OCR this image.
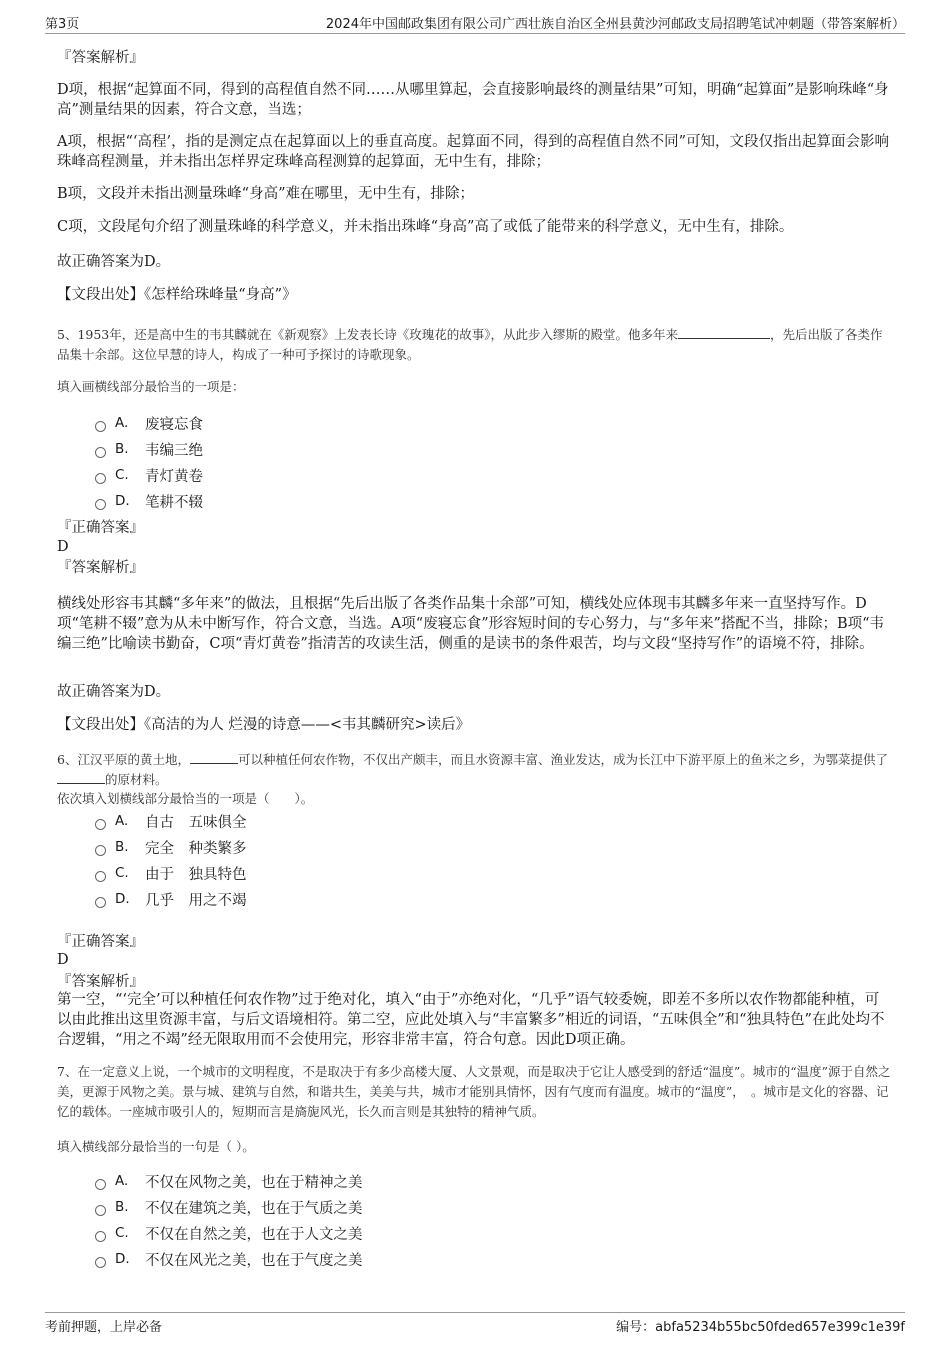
第3页	2024年中国邮政集团有限公司广西壮族自治区全州县黄沙河邮政支局招聘笔试冲刺题（带答案解析）
『答案解析』
D项，根据“起算面不同，得到的高程值自然不同……从哪里算起，会直接影响最终的测量结果”可知，明确“起算面”是影响珠峰“身高”测量结果的因素，符合文意，当选；
A项，根据“‘高程’，指的是测定点在起算面以上的垂直高度。起算面不同，得到的高程值自然不同”可知，文段仅指出起算面会影响珠峰高程测量，并未指出怎样界定珠峰高程测算的起算面，无中生有，排除；
B项，文段并未指出测量珠峰“身高”难在哪里，无中生有，排除；
C项，文段尾句介绍了测量珠峰的科学意义，并未指出珠峰“身高”高了或低了能带来的科学意义，无中生有，排除。
故正确答案为D。
【文段出处】《怎样给珠峰量“身高”》
5、1953年，还是高中生的韦其麟就在《新观察》上发表长诗《玫瑰花的故事》，从此步入缪斯的殿堂。他多年来	，先后出版了各类作品集十余部。这位早慧的诗人，构成了一种可予探讨的诗歌现象。
填入画横线部分最恰当的一项是：
A.	废寝忘食
B.	韦编三绝
C.	青灯黄卷
D.	笔耕不辍
『正确答案』
D
『答案解析』
横线处形容韦其麟“多年来”的做法，且根据“先后出版了各类作品集十余部”可知，横线处应体现韦其麟多年来一直坚持写作。D项“笔耕不辍”意为从未中断写作，符合文意，当选。A项“废寝忘食”形容短时间的专心努力，与“多年来”搭配不当，排除；B项“韦编三绝”比喻读书勤奋，C项“青灯黄卷”指清苦的攻读生活，侧重的是读书的条件艰苦，均与文段“坚持写作”的语境不符，排除。
故正确答案为D。
【文段出处】《高洁的为人 烂漫的诗意——<韦其麟研究>读后》
6、江汉平原的黄土地，	可以种植任何农作物，不仅出产颇丰，而且水资源丰富、渔业发达，成为长江中下游平原上的鱼米之乡，为鄂菜提供了的原材料。
依次填入划横线部分最恰当的一项是（　　）。
A.	自古　五味俱全
B.	完全　种类繁多
C.	由于　独具特色
D.	几乎　用之不竭
『正确答案』
D
『答案解析』
第一空，“‘完全’可以种植任何农作物”过于绝对化，填入“由于”亦绝对化，“几乎”语气较委婉，即差不多所以农作物都能种植，可以由此推出这里资源丰富，与后文语境相符。第二空，应此处填入与“丰富繁多”相近的词语，“五味俱全”和“独具特色”在此处均不合逻辑，“用之不竭”经无限取用而不会使用完，形容非常丰富，符合句意。因此D项正确。
7、在一定意义上说，一个城市的文明程度，不是取决于有多少高楼大厦、人文景观，而是取决于它让人感受到的舒适“温度”。城市的“温度”源于自然之美，更源于风物之美。景与城、建筑与自然，和谐共生，美美与共，城市才能别具情怀，因有气度而有温度。城市的“温度”，　。城市是文化的容器、记忆的载体。一座城市吸引人的，短期而言是旖旎风光，长久而言则是其独特的精神气质。
填入横线部分最恰当的一句是（ ）。
A.	不仅在风物之美，也在于精神之美
B.	不仅在建筑之美，也在于气质之美
C.	不仅在自然之美，也在于人文之美
D.	不仅在风光之美，也在于气度之美
考前押题，上岸必备	编号：abfa5234b55bc50fded657e399c1e39f
